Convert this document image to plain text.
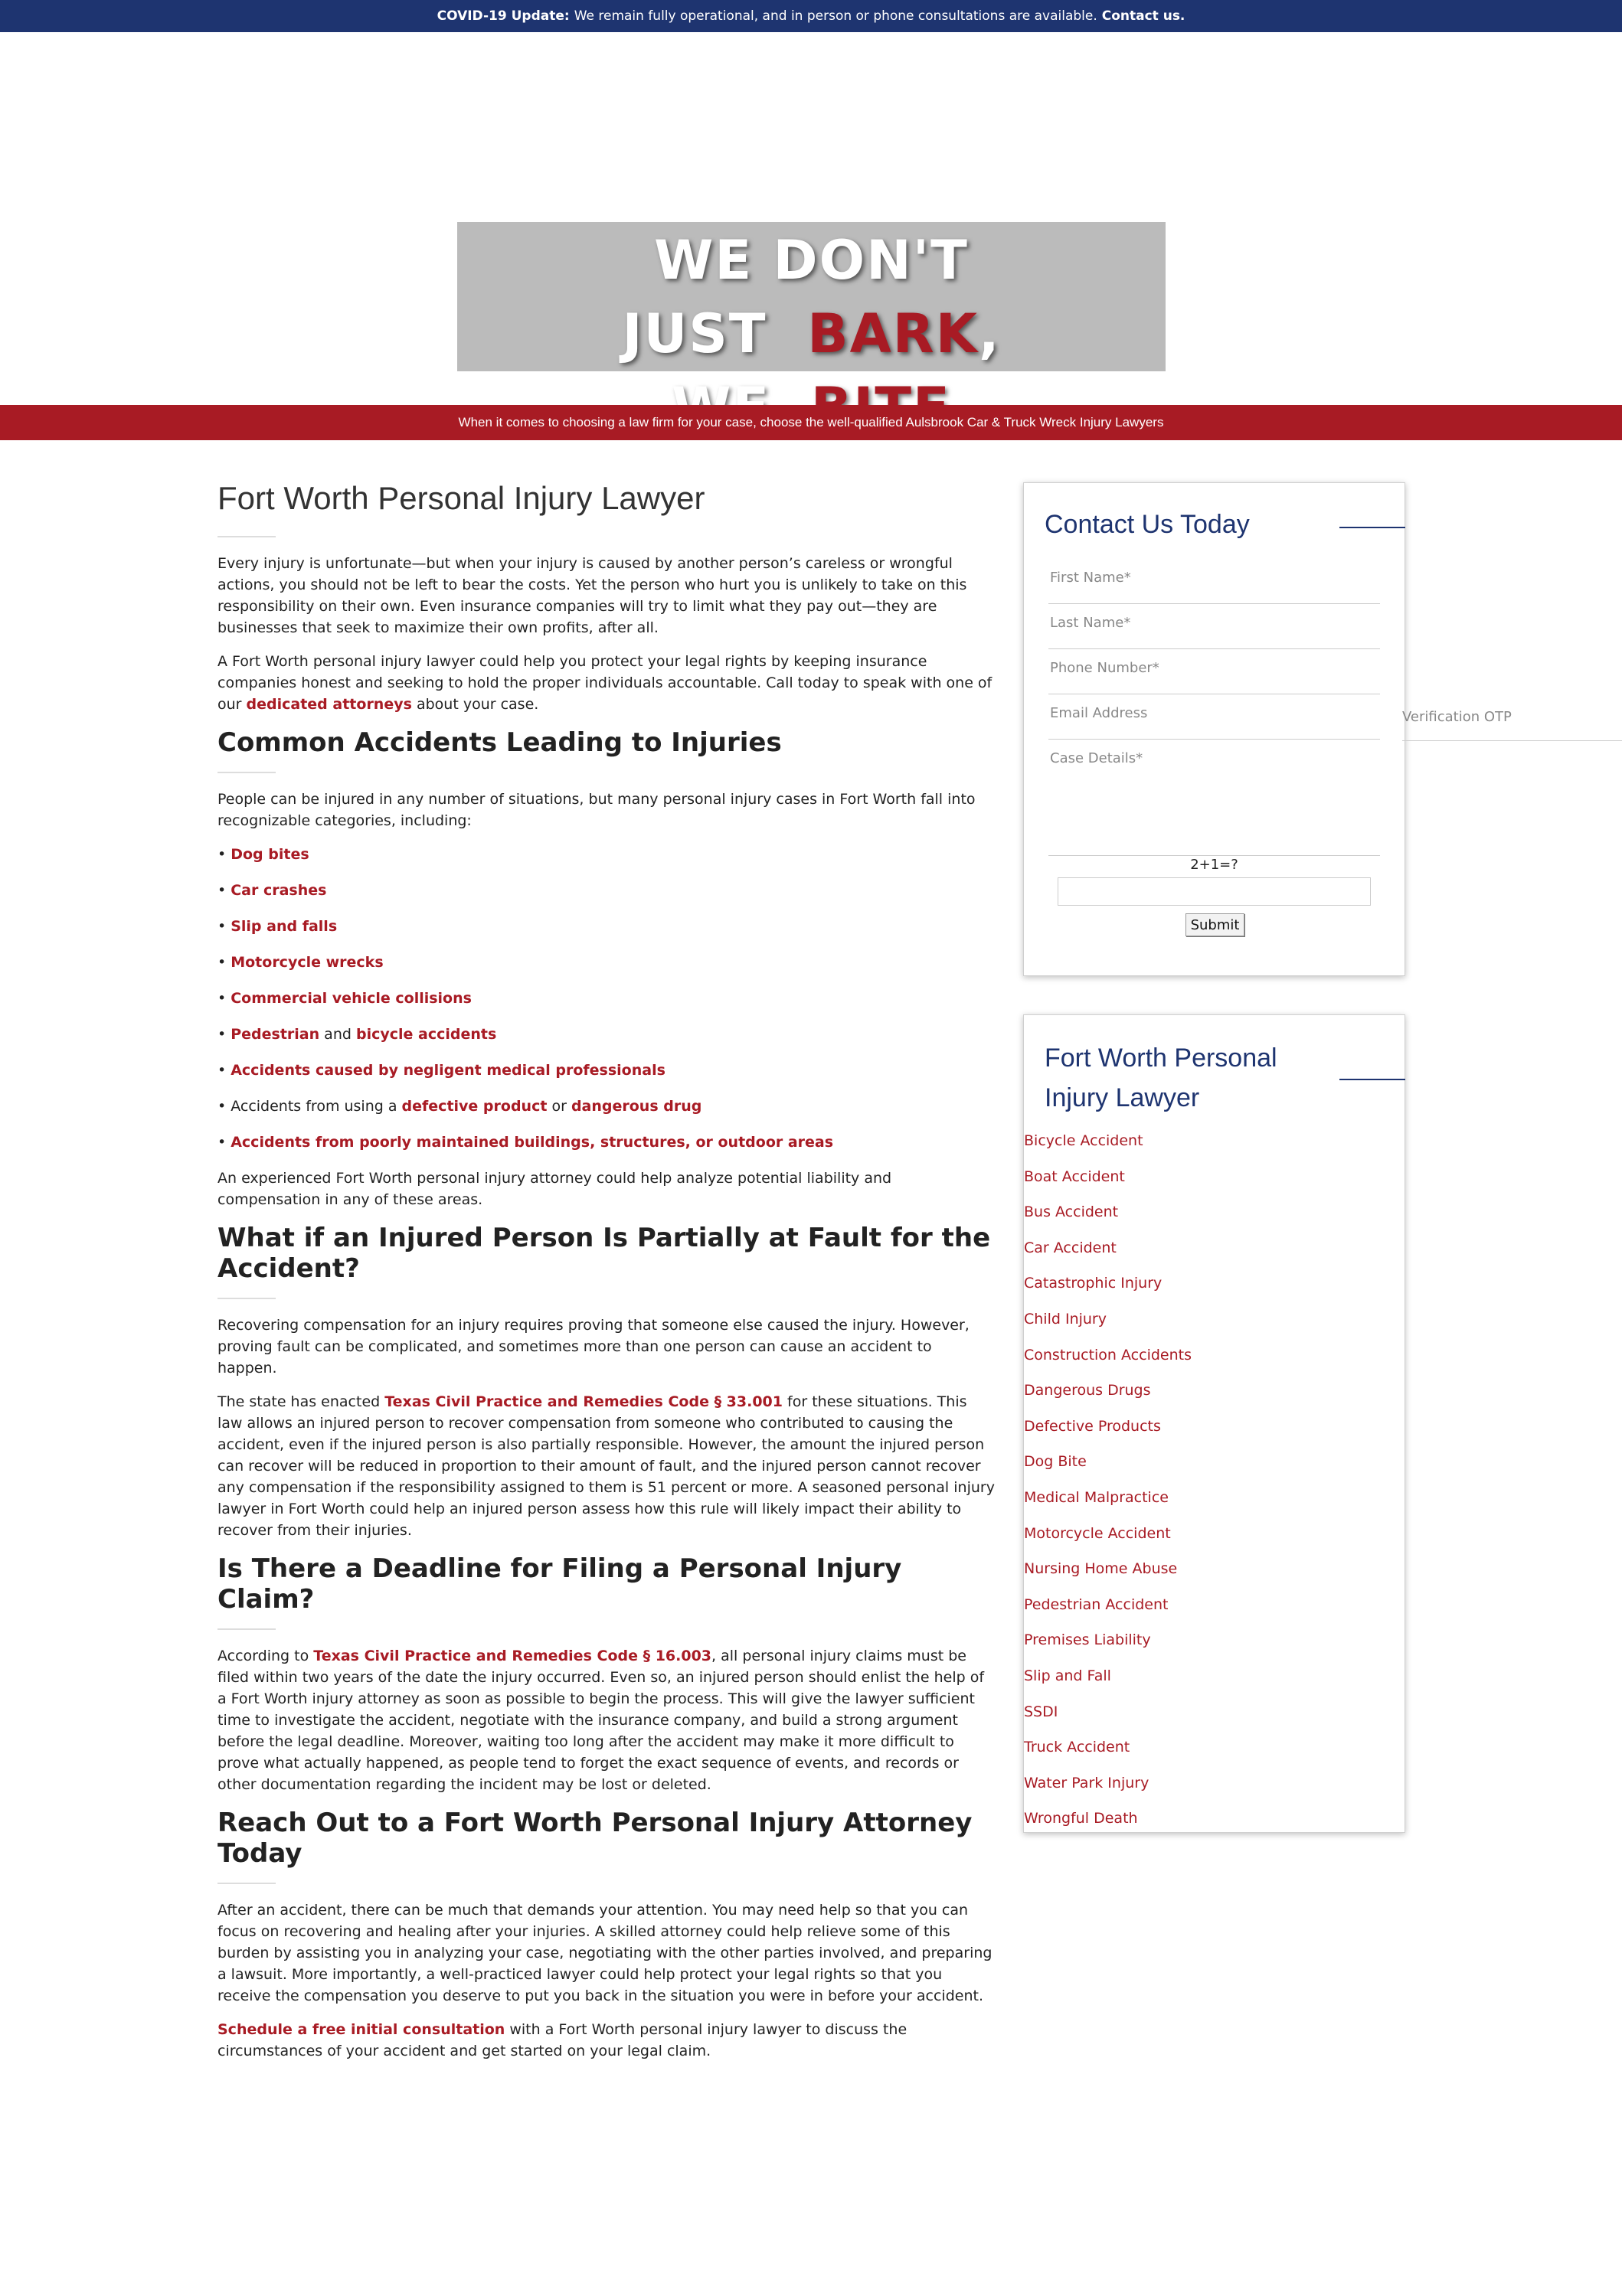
COVID-19 Update: We remain fully operational, and in person or phone consultations are available. Contact us.
WE DON'T JUST BARK,

When it comes to choosing a law firm for your case, choose the well-qualified Aulsbrook Car & Truck Wreck Injury Lawyers
Fort Worth Personal Injury Lawyer

Every injury is unfortunate—but when your injury is caused by another person’s careless or wrongful actions, you should not be left to bear the costs. Yet the person who hurt you is unlikely to take on this responsibility on their own. Even insurance companies will try to limit what they pay out—they are businesses that seek to maximize their own profits, after all.

A Fort Worth personal injury lawyer could help you protect your legal rights by keeping insurance companies honest and seeking to hold the proper individuals accountable. Call today to speak with one of our dedicated attorneys about your case.

Common Accidents Leading to Injuries

People can be injured in any number of situations, but many personal injury cases in Fort Worth fall into recognizable categories, including:

• Dog bites
• Car crashes
• Slip and falls
• Motorcycle wrecks
• Commercial vehicle collisions
• Pedestrian and bicycle accidents
• Accidents caused by negligent medical professionals
• Accidents from using a defective product or dangerous drug
• Accidents from poorly maintained buildings, structures, or outdoor areas

An experienced Fort Worth personal injury attorney could help analyze potential liability and compensation in any of these areas.

What if an Injured Person Is Partially at Fault for the Accident?

Recovering compensation for an injury requires proving that someone else caused the injury. However, proving fault can be complicated, and sometimes more than one person can cause an accident to happen.

The state has enacted Texas Civil Practice and Remedies Code § 33.001 for these situations. This law allows an injured person to recover compensation from someone who contributed to causing the accident, even if the injured person is also partially responsible. However, the amount the injured person can recover will be reduced in proportion to their amount of fault, and the injured person cannot recover any compensation if the responsibility assigned to them is 51 percent or more. A seasoned personal injury lawyer in Fort Worth could help an injured person assess how this rule will likely impact their ability to recover from their injuries.

Is There a Deadline for Filing a Personal Injury Claim?

According to Texas Civil Practice and Remedies Code § 16.003, all personal injury claims must be filed within two years of the date the injury occurred. Even so, an injured person should enlist the help of a Fort Worth injury attorney as soon as possible to begin the process. This will give the lawyer sufficient time to investigate the accident, negotiate with the insurance company, and build a strong argument before the legal deadline. Moreover, waiting too long after the accident may make it more difficult to prove what actually happened, as people tend to forget the exact sequence of events, and records or other documentation regarding the incident may be lost or deleted.

Reach Out to a Fort Worth Personal Injury Attorney Today

After an accident, there can be much that demands your attention. You may need help so that you can focus on recovering and healing after your injuries. A skilled attorney could help relieve some of this burden by assisting you in analyzing your case, negotiating with the other parties involved, and preparing a lawsuit. More importantly, a well-practiced lawyer could help protect your legal rights so that you receive the compensation you deserve to put you back in the situation you were in before your accident.

Schedule a free initial consultation with a Fort Worth personal injury lawyer to discuss the circumstances of your accident and get started on your legal claim.

Contact Us Today
First Name*
Last Name*
Phone Number*
Email Address
Case Details*
2+1=?
Submit
Verification OTP
Fort Worth Personal Injury Lawyer
Bicycle Accident
Boat Accident
Bus Accident
Car Accident
Catastrophic Injury
Child Injury
Construction Accidents
Dangerous Drugs
Defective Products
Dog Bite
Medical Malpractice
Motorcycle Accident
Nursing Home Abuse
Pedestrian Accident
Premises Liability
Slip and Fall
SSDI
Truck Accident
Water Park Injury
Wrongful Death
